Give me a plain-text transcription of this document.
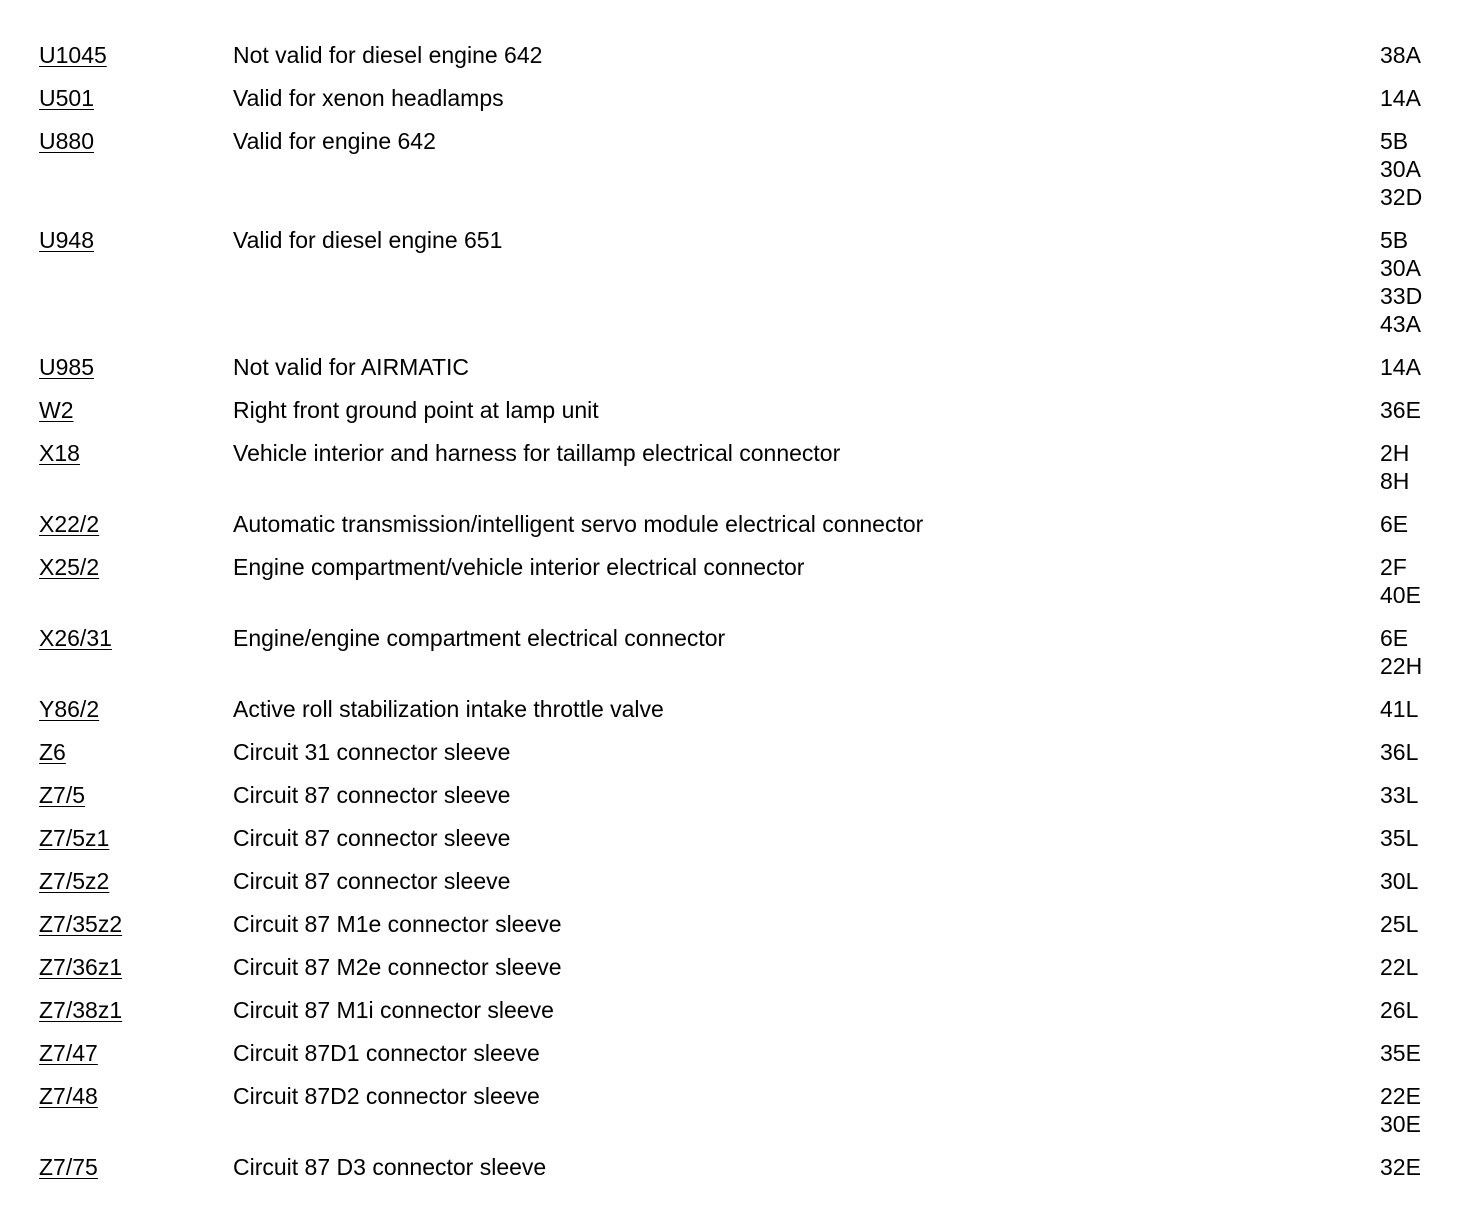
U1045	Not valid for diesel engine 642	38A
U501	Valid for xenon headlamps	14A
U880	Valid for engine 642	5B
30A
32D
U948	Valid for diesel engine 651	5B
30A
33D
43A
U985	Not valid for AIRMATIC	14A
W2	Right front ground point at lamp unit	36E
X18	Vehicle interior and harness for taillamp electrical connector	2H
8H
X22/2	Automatic transmission/intelligent servo module electrical connector	6E
X25/2	Engine compartment/vehicle interior electrical connector	2F
40E
X26/31	Engine/engine compartment electrical connector	6E
22H
Y86/2	Active roll stabilization intake throttle valve	41L
Z6	Circuit 31 connector sleeve	36L
Z7/5	Circuit 87 connector sleeve	33L
Z7/5z1	Circuit 87 connector sleeve	35L
Z7/5z2	Circuit 87 connector sleeve	30L
Z7/35z2	Circuit 87 M1e connector sleeve	25L
Z7/36z1	Circuit 87 M2e connector sleeve	22L
Z7/38z1	Circuit 87 M1i connector sleeve	26L
Z7/47	Circuit 87D1 connector sleeve	35E
Z7/48	Circuit 87D2 connector sleeve	22E
30E
Z7/75	Circuit 87 D3 connector sleeve	32E
